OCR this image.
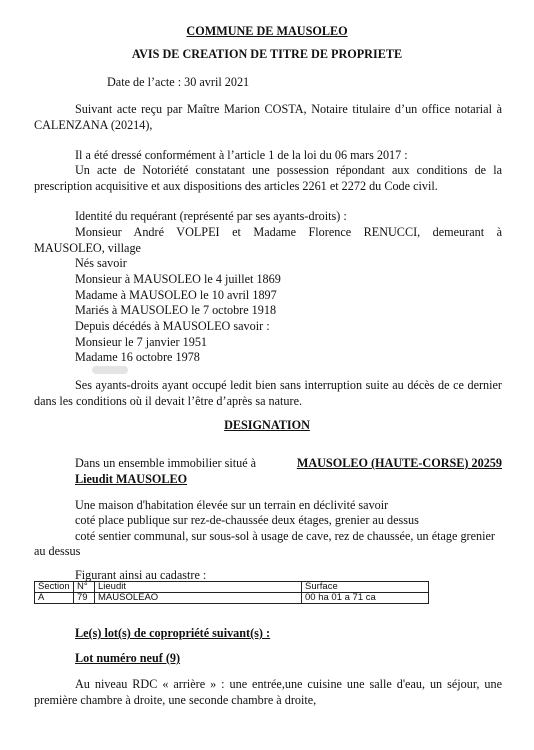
COMMUNE DE MAUSOLEO
AVIS DE CREATION DE TITRE DE PROPRIETE
Date de l’acte : 30 avril 2021
Suivant acte reçu par Maître Marion COSTA, Notaire titulaire d’un office notarial à
CALENZANA (20214),
Il a été dressé conformément à l’article 1 de la loi du 06 mars 2017 :
Un acte de Notoriété constatant une possession répondant aux conditions de la
prescription acquisitive et aux dispositions des articles 2261 et 2272 du Code civil.
Identité du requérant (représenté par ses ayants-droits) :
Monsieur André VOLPEI et Madame Florence RENUCCI, demeurant à
MAUSOLEO, village
Nés savoir
Monsieur à MAUSOLEO le 4 juillet 1869
Madame à MAUSOLEO le 10 avril 1897
Mariés à MAUSOLEO le 7 octobre 1918
Depuis décédés à MAUSOLEO savoir :
Monsieur le 7 janvier 1951
Madame 16 octobre 1978
Ses ayants-droits ayant occupé ledit bien sans interruption suite au décès de ce dernier
dans les conditions où il devait l’être d’après sa nature.
DESIGNATION
Dans un ensemble immobilier situé à	MAUSOLEO (HAUTE-CORSE) 20259
Lieudit MAUSOLEO
Une maison d'habitation élevée sur un terrain en déclivité savoir
coté place publique sur rez-de-chaussée deux étages, grenier au dessus
coté sentier communal, sur sous-sol à usage de cave, rez de chaussée, un étage grenier
au dessus
Figurant ainsi au cadastre :
Section	N°	Lieudit	Surface
A	79	MAUSOLEAO	00 ha 01 a 71 ca
Le(s) lot(s) de copropriété suivant(s) :
Lot numéro neuf (9)
Au niveau RDC « arrière » : une entrée,une cuisine une salle d'eau, un séjour, une
première chambre à droite, une seconde chambre à droite,
